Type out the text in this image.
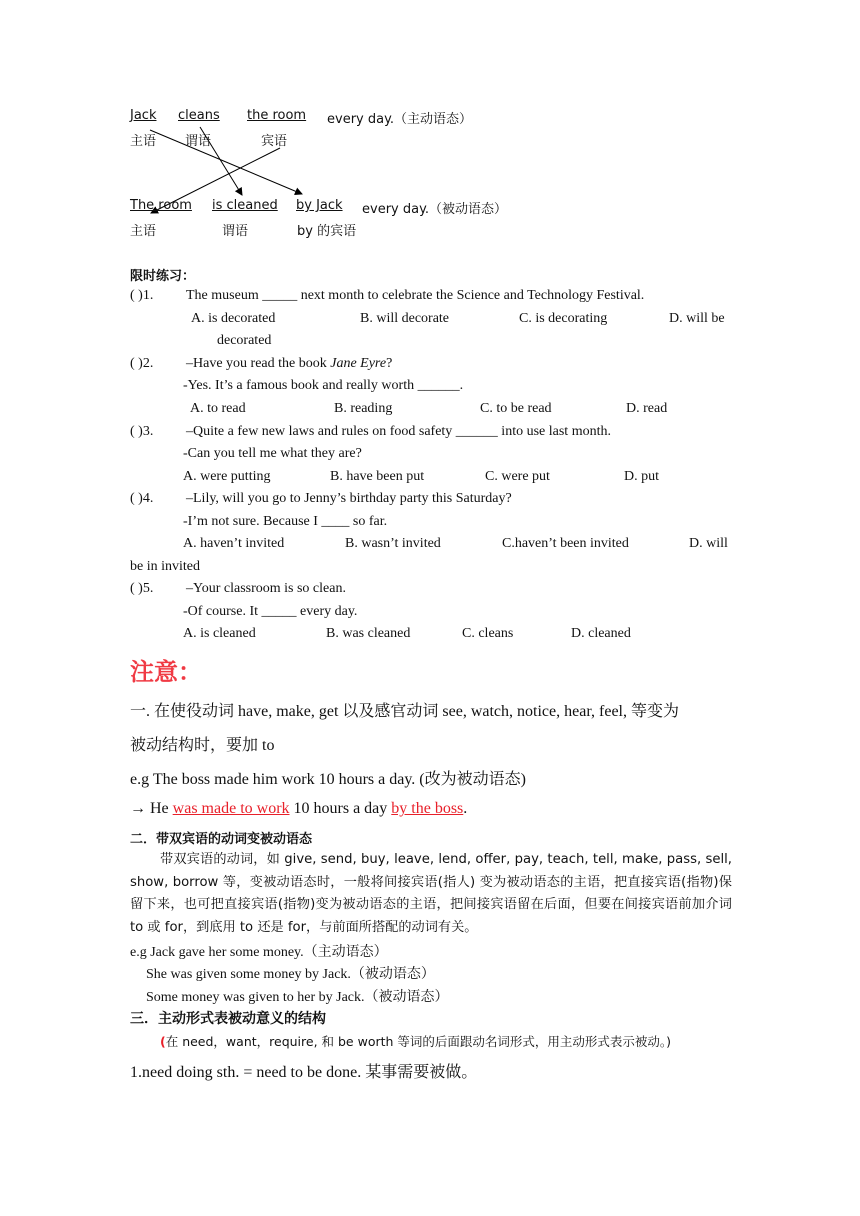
Jack cleans the room every day.（主动语态）
主语 谓语	宾语
The room is cleaned by Jack every day.（被动语态）
主语	谓语	by 的宾语
限时练习：
( )1. The museum _____ next month to celebrate the Science and Technology Festival.
A. is decorated	B. will decorate	C. is decorating	D. will be
decorated
( )2. –Have you read the book Jane Eyre?
-Yes. It’s a famous book and really worth ______.
A. to read	B. reading	C. to be read	D. read
( )3. –Quite a few new laws and rules on food safety ______ into use last month.
-Can you tell me what they are?
A. were putting	B. have been put	C. were put	D. put
( )4. –Lily, will you go to Jenny’s birthday party this Saturday?
-I’m not sure. Because I ____ so far.
A. haven’t invited	B. wasn’t invited	C.haven’t been invited	D. will
be in invited
( )5. –Your classroom is so clean.
-Of course. It _____ every day.
A. is cleaned	B. was cleaned	C. cleans	D. cleaned
注意：
一. 在使役动词 have, make, get 以及感官动词 see, watch, notice, hear, feel, 等变为
被动结构时，要加 to
e.g The boss made him work 10 hours a day. (改为被动语态)
→ He was made to work 10 hours a day by the boss.
二．带双宾语的动词变被动语态
带双宾语的动词，如 give, send, buy, leave, lend, offer, pay, teach, tell, make, pass, sell, show, borrow 等，变被动语态时，一般将间接宾语(指人) 变为被动语态的主语，把直接宾语(指物)保留下来，也可把直接宾语(指物)变为被动语态的主语，把间接宾语留在后面，但要在间接宾语前加介词 to 或 for，到底用 to 还是 for，与前面所搭配的动词有关。
e.g Jack gave her some money.（主动语态）
She was given some money by Jack.（被动语态）
Some money was given to her by Jack.（被动语态）
三．主动形式表被动意义的结构
(在 need，want，require, 和 be worth 等词的后面跟动名词形式，用主动形式表示被动。)
1.need doing sth. = need to be done. 某事需要被做。
